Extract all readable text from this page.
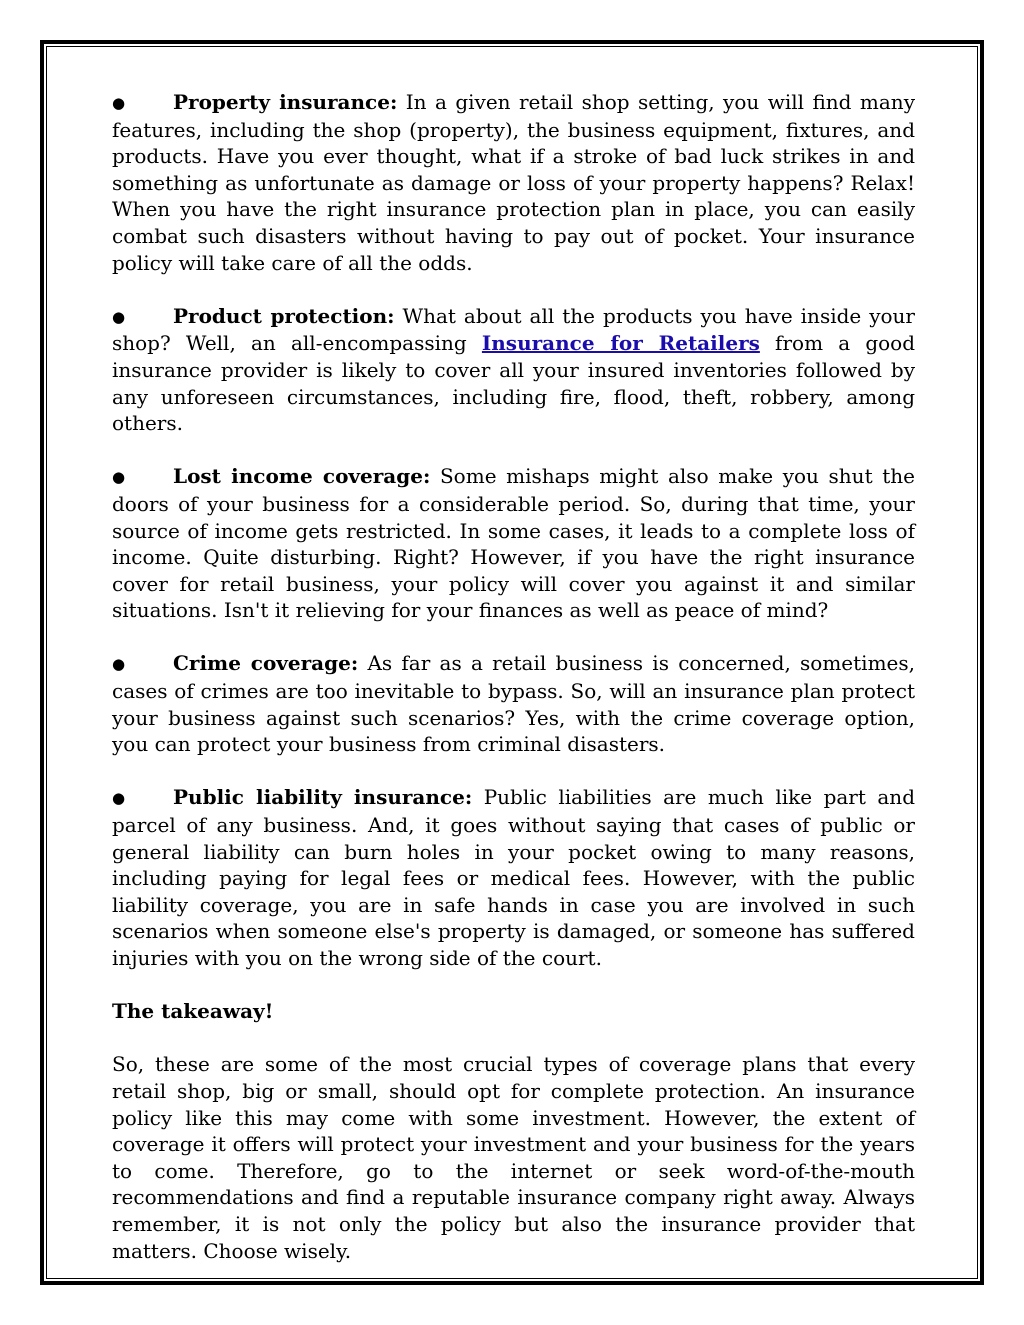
● Property insurance: In a given retail shop setting, you will find many features, including the shop (property), the business equipment, fixtures, and products. Have you ever thought, what if a stroke of bad luck strikes in and something as unfortunate as damage or loss of your property happens? Relax! When you have the right insurance protection plan in place, you can easily combat such disasters without having to pay out of pocket. Your insurance policy will take care of all the odds.

● Product protection: What about all the products you have inside your shop? Well, an all-encompassing Insurance for Retailers from a good insurance provider is likely to cover all your insured inventories followed by any unforeseen circumstances, including fire, flood, theft, robbery, among others.

● Lost income coverage: Some mishaps might also make you shut the doors of your business for a considerable period. So, during that time, your source of income gets restricted. In some cases, it leads to a complete loss of income. Quite disturbing. Right? However, if you have the right insurance cover for retail business, your policy will cover you against it and similar situations. Isn't it relieving for your finances as well as peace of mind?

● Crime coverage: As far as a retail business is concerned, sometimes, cases of crimes are too inevitable to bypass. So, will an insurance plan protect your business against such scenarios? Yes, with the crime coverage option, you can protect your business from criminal disasters.

● Public liability insurance: Public liabilities are much like part and parcel of any business. And, it goes without saying that cases of public or general liability can burn holes in your pocket owing to many reasons, including paying for legal fees or medical fees. However, with the public liability coverage, you are in safe hands in case you are involved in such scenarios when someone else's property is damaged, or someone has suffered injuries with you on the wrong side of the court.

The takeaway!

So, these are some of the most crucial types of coverage plans that every retail shop, big or small, should opt for complete protection. An insurance policy like this may come with some investment. However, the extent of coverage it offers will protect your investment and your business for the years to come. Therefore, go to the internet or seek word-of-the-mouth recommendations and find a reputable insurance company right away. Always remember, it is not only the policy but also the insurance provider that matters. Choose wisely.
